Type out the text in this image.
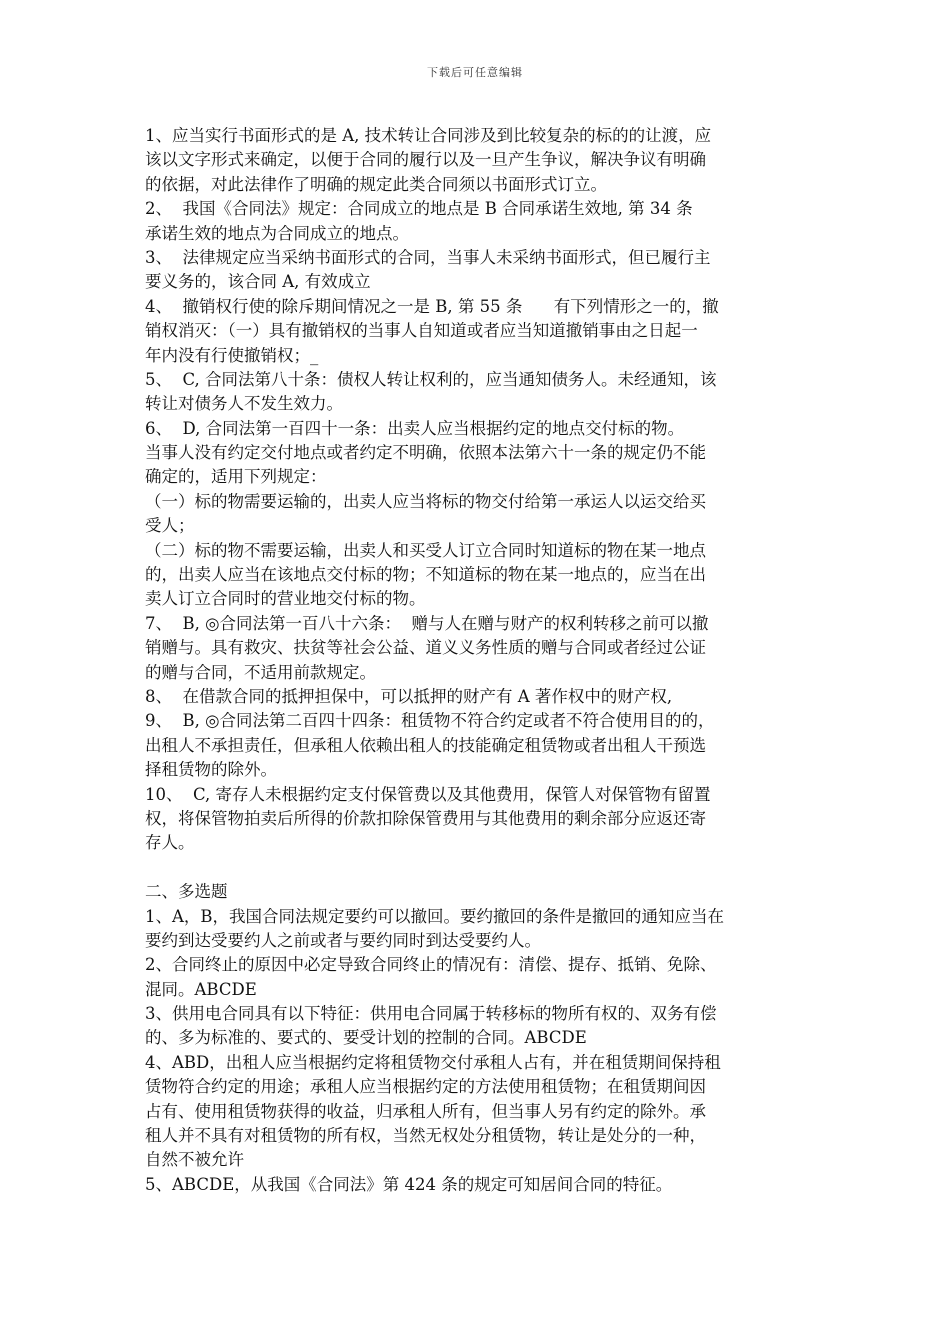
下载后可任意编辑
1、应当实行书面形式的是 A, 技术转让合同涉及到比较复杂的标的的让渡，应
该以文字形式来确定，以便于合同的履行以及一旦产生争议，解决争议有明确
的依据，对此法律作了明确的规定此类合同须以书面形式订立。
2、  我国《合同法》规定：合同成立的地点是 B 合同承诺生效地, 第 34 条
承诺生效的地点为合同成立的地点。
3、  法律规定应当采纳书面形式的合同，当事人未采纳书面形式，但已履行主
要义务的，该合同 A, 有效成立
4、  撤销权行使的除斥期间情况之一是 B, 第 55 条      有下列情形之一的，撤
销权消灭：（一）具有撤销权的当事人自知道或者应当知道撤销事由之日起一
年内没有行使撤销权；_
5、  C, 合同法第八十条：债权人转让权利的，应当通知债务人。未经通知，该
转让对债务人不发生效力。
6、  D, 合同法第一百四十一条：出卖人应当根据约定的地点交付标的物。
当事人没有约定交付地点或者约定不明确，依照本法第六十一条的规定仍不能
确定的，适用下列规定：
（一）标的物需要运输的，出卖人应当将标的物交付给第一承运人以运交给买
受人；
（二）标的物不需要运输，出卖人和买受人订立合同时知道标的物在某一地点
的，出卖人应当在该地点交付标的物；不知道标的物在某一地点的，应当在出
卖人订立合同时的营业地交付标的物。
7、  B, ◎合同法第一百八十六条：  赠与人在赠与财产的权利转移之前可以撤
销赠与。具有救灾、扶贫等社会公益、道义义务性质的赠与合同或者经过公证
的赠与合同，不适用前款规定。
8、  在借款合同的抵押担保中，可以抵押的财产有 A 著作权中的财产权,
9、  B, ◎合同法第二百四十四条：租赁物不符合约定或者不符合使用目的的，
出租人不承担责任，但承租人依赖出租人的技能确定租赁物或者出租人干预选
择租赁物的除外。
10、  C, 寄存人未根据约定支付保管费以及其他费用，保管人对保管物有留置
权，将保管物拍卖后所得的价款扣除保管费用与其他费用的剩余部分应返还寄
存人。
二、多选题
1、A，B，我国合同法规定要约可以撤回。要约撤回的条件是撤回的通知应当在
要约到达受要约人之前或者与要约同时到达受要约人。
2、合同终止的原因中必定导致合同终止的情况有：清偿、提存、抵销、免除、
混同。ABCDE
3、供用电合同具有以下特征：供用电合同属于转移标的物所有权的、双务有偿
的、多为标准的、要式的、要受计划的控制的合同。ABCDE
4、ABD，出租人应当根据约定将租赁物交付承租人占有，并在租赁期间保持租
赁物符合约定的用途；承租人应当根据约定的方法使用租赁物；在租赁期间因
占有、使用租赁物获得的收益，归承租人所有，但当事人另有约定的除外。承
租人并不具有对租赁物的所有权，当然无权处分租赁物，转让是处分的一种，
自然不被允许
5、ABCDE，从我国《合同法》第 424 条的规定可知居间合同的特征。
